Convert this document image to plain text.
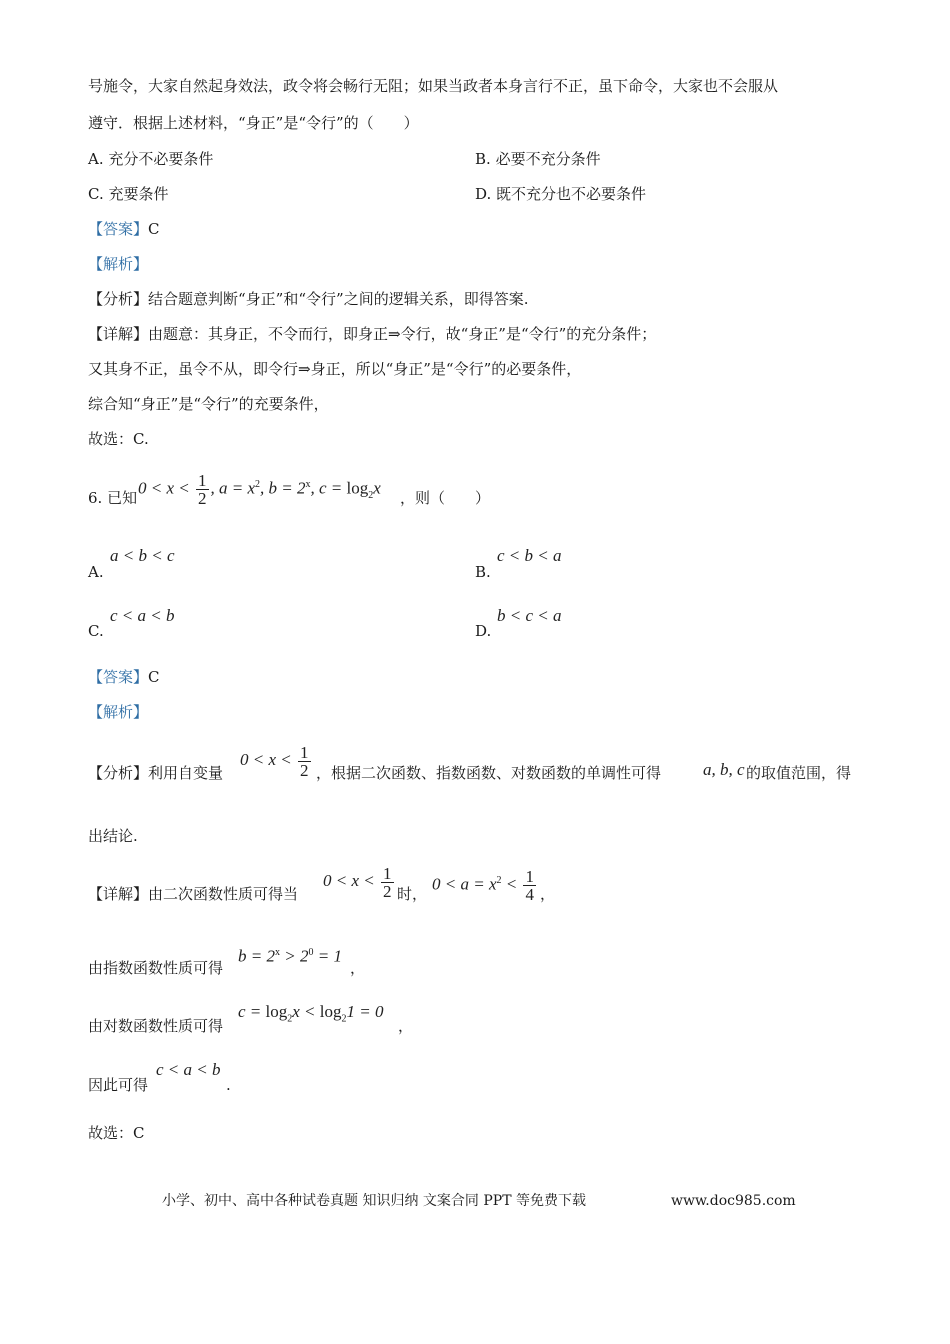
号施令，大家自然起身效法，政令将会畅行无阻；如果当政者本身言行不正，虽下命令，大家也不会服从
遵守．根据上述材料，“身正”是“令行”的（　　）
A. 充分不必要条件	B. 必要不充分条件
C. 充要条件	D. 既不充分也不必要条件
【答案】C
【解析】
【分析】结合题意判断“身正”和“令行”之间的逻辑关系，即得答案.
【详解】由题意：其身正，不令而行，即身正⇒令行，故“身正”是“令行”的充分条件；
又其身不正，虽令不从，即令行⇒身正，所以“身正”是“令行”的必要条件，
综合知“身正”是“令行”的充要条件，
故选：C.
6. 已知
$0 < x < \frac{1}{2}$ , $a = x^2$, $b = 2^x$, $c = \log_2x$
，则（　　）
A.
a < b < c
B.
c < b < a
C.
c < a < b
D.
b < c < a
【答案】C
【解析】
【分析】利用自变量
$0 < x < \frac{1}{2}$ ，根据二次函数、指数函数、对数函数的单调性可得 a, b, c 的取值范围，得
出结论.
【详解】由二次函数性质可得当
$0 < x < \frac{1}{2}$ 时，
$0 < a = x^2 < \frac{1}{4}$ ，
由指数函数性质可得
$b = 2^x > 2^0 = 1$
，
由对数函数性质可得
$c = \log_2x < \log_21 = 0$
，
因此可得
c < a < b
.
故选：C
小学、初中、高中各种试卷真题 知识归纳 文案合同 PPT 等免费下载	www.doc985.com
